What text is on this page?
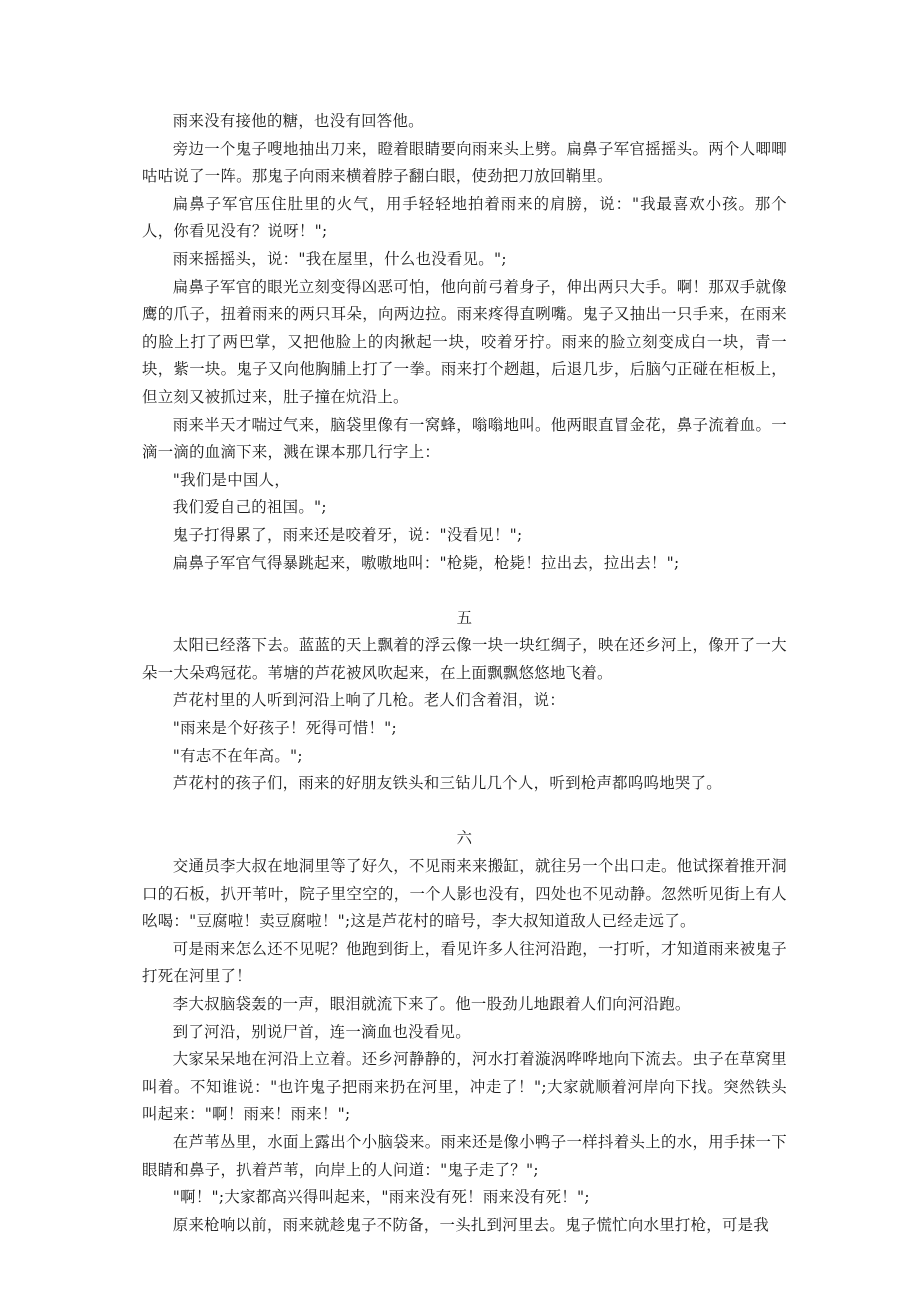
雨来没有接他的糖，也没有回答他。

旁边一个鬼子嗖地抽出刀来，瞪着眼睛要向雨来头上劈。扁鼻子军官摇摇头。两个人唧唧咕咕说了一阵。那鬼子向雨来横着脖子翻白眼，使劲把刀放回鞘里。

扁鼻子军官压住肚里的火气，用手轻轻地拍着雨来的肩膀，说："我最喜欢小孩。那个人，你看见没有？说呀！";

雨来摇摇头，说："我在屋里，什么也没看见。";

扁鼻子军官的眼光立刻变得凶恶可怕，他向前弓着身子，伸出两只大手。啊！那双手就像鹰的爪子，扭着雨来的两只耳朵，向两边拉。雨来疼得直咧嘴。鬼子又抽出一只手来，在雨来的脸上打了两巴掌，又把他脸上的肉揪起一块，咬着牙拧。雨来的脸立刻变成白一块，青一块，紫一块。鬼子又向他胸脯上打了一拳。雨来打个趔趄，后退几步，后脑勺正碰在柜板上，但立刻又被抓过来，肚子撞在炕沿上。

雨来半天才喘过气来，脑袋里像有一窝蜂，嗡嗡地叫。他两眼直冒金花，鼻子流着血。一滴一滴的血滴下来，溅在课本那几行字上：

"我们是中国人，

我们爱自己的祖国。";

鬼子打得累了，雨来还是咬着牙，说："没看见！";

扁鼻子军官气得暴跳起来，嗷嗷地叫："枪毙，枪毙！拉出去，拉出去！";

五

太阳已经落下去。蓝蓝的天上飘着的浮云像一块一块红绸子，映在还乡河上，像开了一大朵一大朵鸡冠花。苇塘的芦花被风吹起来，在上面飘飘悠悠地飞着。

芦花村里的人听到河沿上响了几枪。老人们含着泪，说：

"雨来是个好孩子！死得可惜！";

"有志不在年高。";

芦花村的孩子们，雨来的好朋友铁头和三钻儿几个人，听到枪声都呜呜地哭了。

六

交通员李大叔在地洞里等了好久，不见雨来来搬缸，就往另一个出口走。他试探着推开洞口的石板，扒开苇叶，院子里空空的，一个人影也没有，四处也不见动静。忽然听见街上有人吆喝："豆腐啦！卖豆腐啦！";这是芦花村的暗号，李大叔知道敌人已经走远了。

可是雨来怎么还不见呢？他跑到街上，看见许多人往河沿跑，一打听，才知道雨来被鬼子打死在河里了！

李大叔脑袋轰的一声，眼泪就流下来了。他一股劲儿地跟着人们向河沿跑。

到了河沿，别说尸首，连一滴血也没看见。

大家呆呆地在河沿上立着。还乡河静静的，河水打着漩涡哗哗地向下流去。虫子在草窝里叫着。不知谁说："也许鬼子把雨来扔在河里，冲走了！";大家就顺着河岸向下找。突然铁头叫起来："啊！雨来！雨来！";

在芦苇丛里，水面上露出个小脑袋来。雨来还是像小鸭子一样抖着头上的水，用手抹一下眼睛和鼻子，扒着芦苇，向岸上的人问道："鬼子走了？";

"啊！";大家都高兴得叫起来，"雨来没有死！雨来没有死！";

原来枪响以前，雨来就趁鬼子不防备，一头扎到河里去。鬼子慌忙向水里打枪，可是我
